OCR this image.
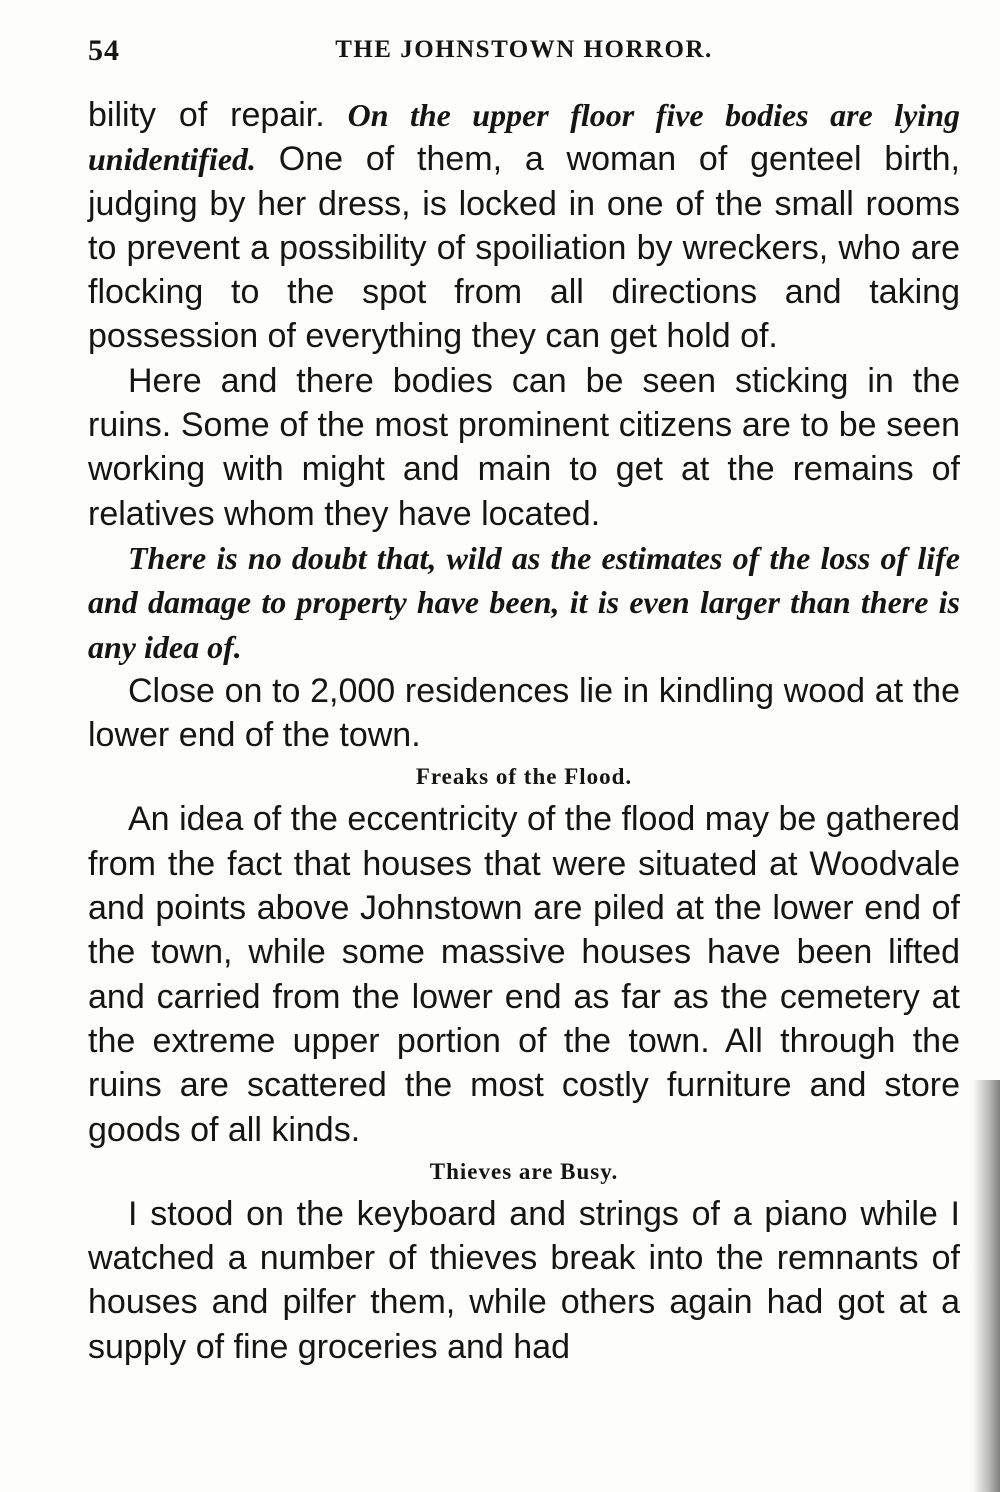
54	THE JOHNSTOWN HORROR.

bility of repair. On the upper floor five bodies are lying unidentified. One of them, a woman of genteel birth, judging by her dress, is locked in one of the small rooms to prevent a possibility of spoiliation by wreckers, who are flocking to the spot from all directions and taking possession of everything they can get hold of.

Here and there bodies can be seen sticking in the ruins. Some of the most prominent citizens are to be seen working with might and main to get at the remains of relatives whom they have located.

There is no doubt that, wild as the estimates of the loss of life and damage to property have been, it is even larger than there is any idea of.

Close on to 2,000 residences lie in kindling wood at the lower end of the town.

Freaks of the Flood.

An idea of the eccentricity of the flood may be gathered from the fact that houses that were situated at Woodvale and points above Johnstown are piled at the lower end of the town, while some massive houses have been lifted and carried from the lower end as far as the cemetery at the extreme upper portion of the town. All through the ruins are scattered the most costly furniture and store goods of all kinds.

Thieves are Busy.

I stood on the keyboard and strings of a piano while I watched a number of thieves break into the remnants of houses and pilfer them, while others again had got at a supply of fine groceries and had
